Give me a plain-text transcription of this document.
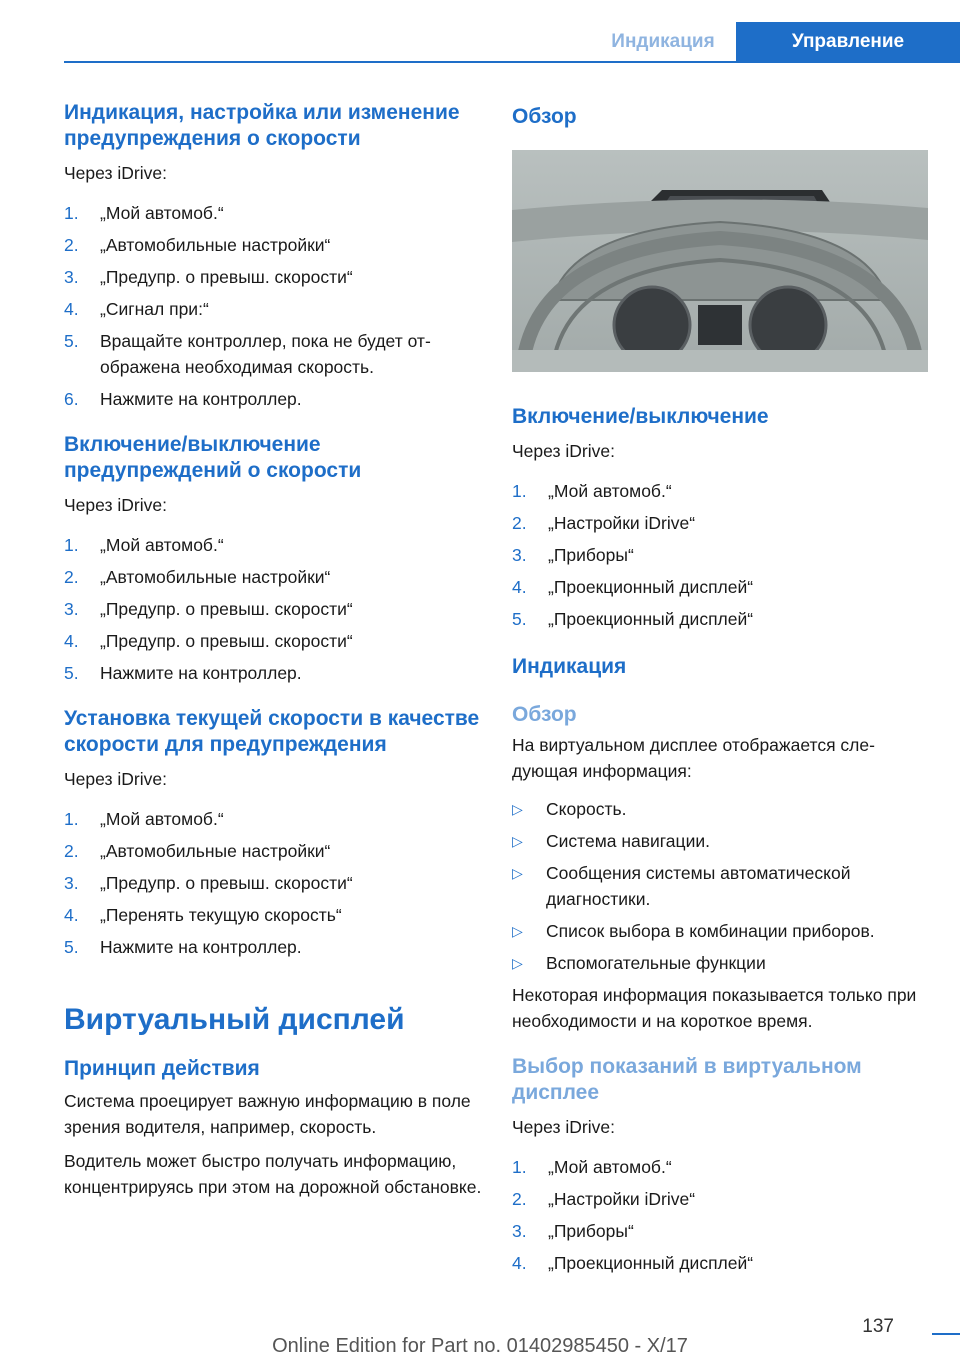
Индикация	Управление
Индикация, настройка или изменение предупреждения о скорости

Через iDrive:

1.	„Мой автомоб.“
2.	„Автомобильные настройки“
3.	„Предупр. о превыш. скорости“
4.	„Сигнал при:“
5.	Вращайте контроллер, пока не будет отображена необходимая скорость.
6.	Нажмите на контроллер.
Включение/выключение предупреждений о скорости

Через iDrive:

1.	„Мой автомоб.“
2.	„Автомобильные настройки“
3.	„Предупр. о превыш. скорости“
4.	„Предупр. о превыш. скорости“
5.	Нажмите на контроллер.
Установка текущей скорости в качестве скорости для предупреждения

Через iDrive:

1.	„Мой автомоб.“
2.	„Автомобильные настройки“
3.	„Предупр. о превыш. скорости“
4.	„Перенять текущую скорость“
5.	Нажмите на контроллер.
Виртуальный дисплей
Принцип действия

Система проецирует важную информацию в поле зрения водителя, например, скорость.

Водитель может быстро получать информацию, концентрируясь при этом на дорожной обстановке.

Обзор
Включение/выключение

Через iDrive:

1.	„Мой автомоб.“
2.	„Настройки iDrive“
3.	„Приборы“
4.	„Проекционный дисплей“
5.	„Проекционный дисплей“
Индикация
Обзор

На виртуальном дисплее отображается следующая информация:

▷	Скорость.
▷	Система навигации.
▷	Сообщения системы автоматической диагностики.
▷	Список выбора в комбинации приборов.
▷	Вспомогательные функции

Некоторая информация показывается только при необходимости и на короткое время.

Выбор показаний в виртуальном дисплее

Через iDrive:

1.	„Мой автомоб.“
2.	„Настройки iDrive“
3.	„Приборы“
4.	„Проекционный дисплей“
137
Online Edition for Part no. 01402985450 - X/17
